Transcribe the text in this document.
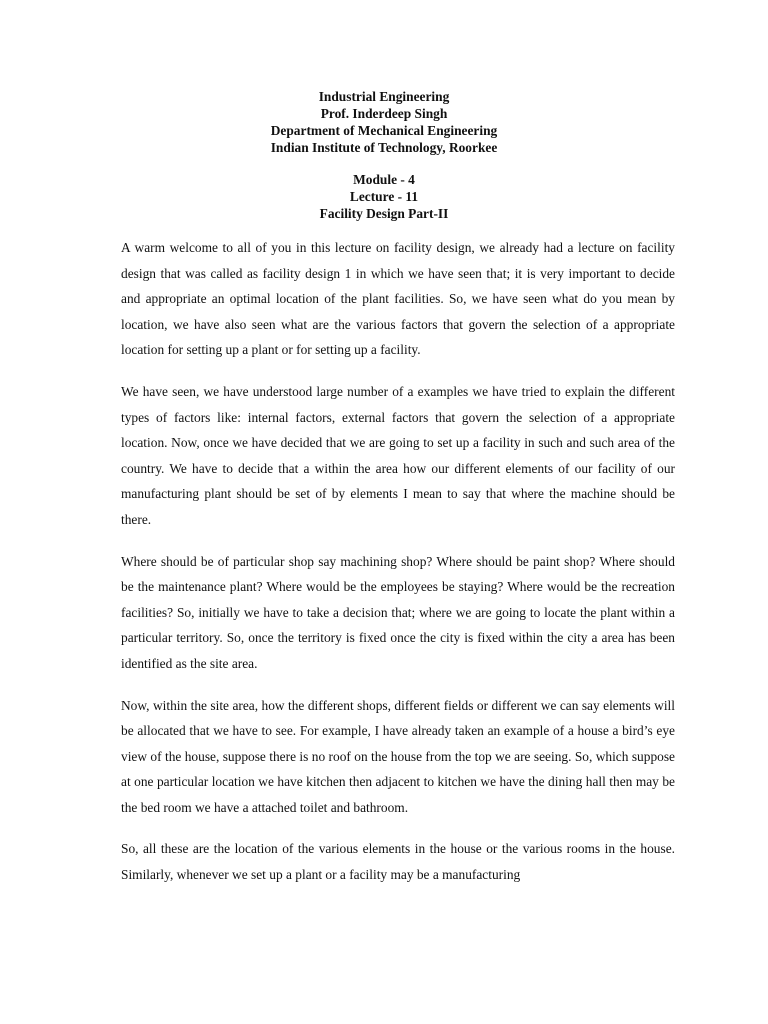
Industrial Engineering
Prof. Inderdeep Singh
Department of Mechanical Engineering
Indian Institute of Technology, Roorkee
Module - 4
Lecture - 11
Facility Design Part-II

A warm welcome to all of you in this lecture on facility design, we already had a lecture on facility design that was called as facility design 1 in which we have seen that; it is very important to decide and appropriate an optimal location of the plant facilities. So, we have seen what do you mean by location, we have also seen what are the various factors that govern the selection of a appropriate location for setting up a plant or for setting up a facility.

We have seen, we have understood large number of a examples we have tried to explain the different types of factors like: internal factors, external factors that govern the selection of a appropriate location. Now, once we have decided that we are going to set up a facility in such and such area of the country. We have to decide that a within the area how our different elements of our facility of our manufacturing plant should be set of by elements I mean to say that where the machine should be there.

Where should be of particular shop say machining shop? Where should be paint shop? Where should be the maintenance plant? Where would be the employees be staying? Where would be the recreation facilities? So, initially we have to take a decision that; where we are going to locate the plant within a particular territory. So, once the territory is fixed once the city is fixed within the city a area has been identified as the site area.

Now, within the site area, how the different shops, different fields or different we can say elements will be allocated that we have to see. For example, I have already taken an example of a house a bird’s eye view of the house, suppose there is no roof on the house from the top we are seeing. So, which suppose at one particular location we have kitchen then adjacent to kitchen we have the dining hall then may be the bed room we have a attached toilet and bathroom.

So, all these are the location of the various elements in the house or the various rooms in the house. Similarly, whenever we set up a plant or a facility may be a manufacturing
